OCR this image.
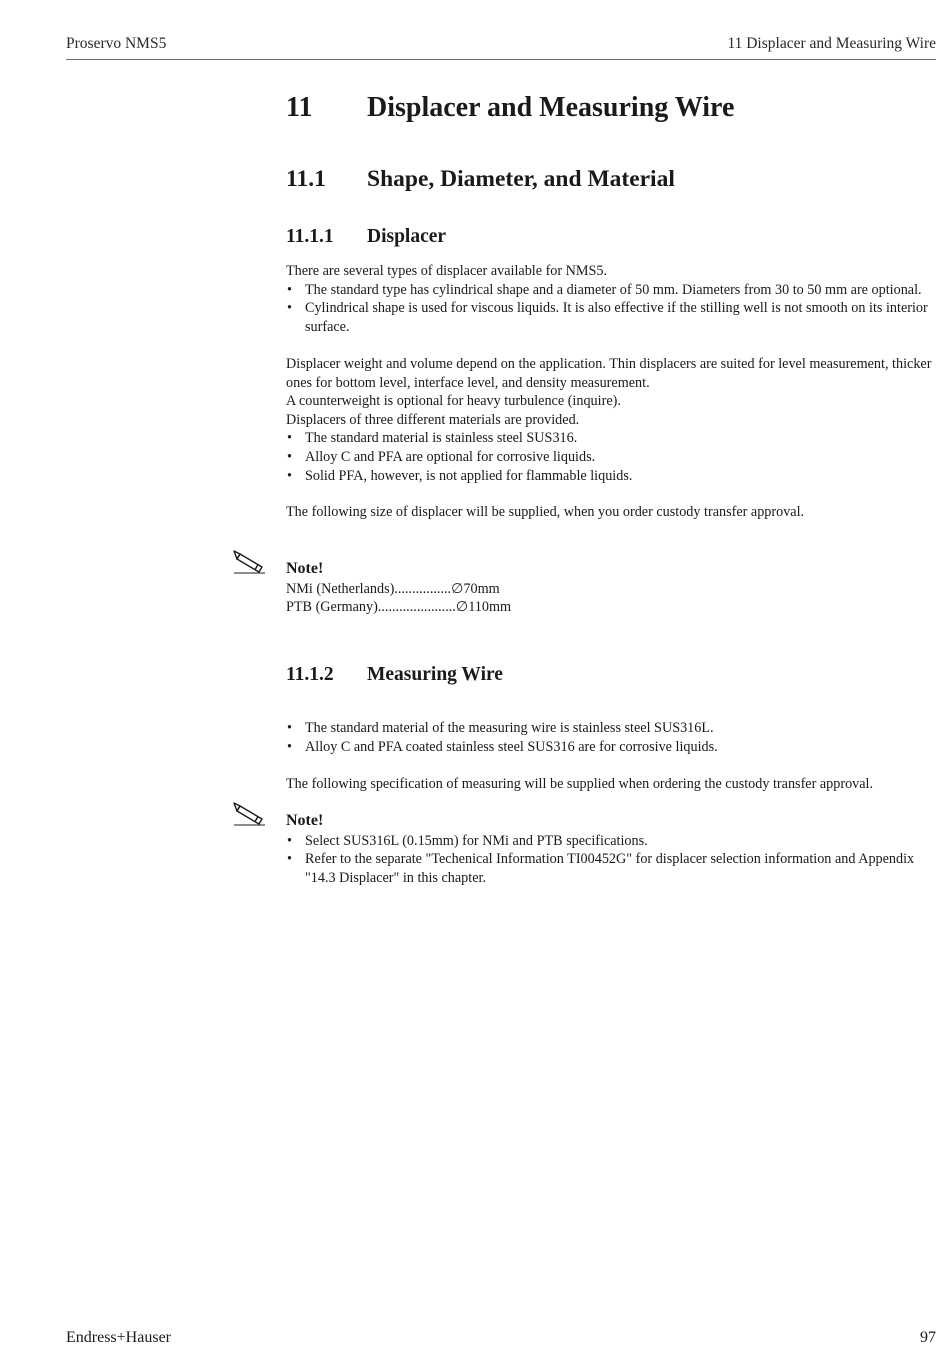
Proservo NMS5	11 Displacer and Measuring Wire
11 Displacer and Measuring Wire
11.1 Shape, Diameter, and Material
11.1.1 Displacer

There are several types of displacer available for NMS5.

• The standard type has cylindrical shape and a diameter of 50 mm. Diameters from 30 to 50 mm are optional.
• Cylindrical shape is used for viscous liquids. It is also effective if the stilling well is not smooth on its interior surface.

Displacer weight and volume depend on the application. Thin displacers are suited for level measurement, thicker ones for bottom level, interface level, and density measurement.

A counterweight is optional for heavy turbulence (inquire).

Displacers of three different materials are provided.

• The standard material is stainless steel SUS316.
• Alloy C and PFA are optional for corrosive liquids.
• Solid PFA, however, is not applied for flammable liquids.

The following size of displacer will be supplied, when you order custody transfer approval.

Note!

NMi (Netherlands)................∅70mm

PTB (Germany)......................∅110mm

11.1.2 Measuring Wire
• The standard material of the measuring wire is stainless steel SUS316L.
• Alloy C and PFA coated stainless steel SUS316 are for corrosive liquids.

The following specification of measuring will be supplied when ordering the custody transfer approval.

Note!
• Select SUS316L (0.15mm) for NMi and PTB specifications.
• Refer to the separate "Techenical Information TI00452G" for displacer selection information and Appendix "14.3 Displacer" in this chapter.
Endress+Hauser	97
